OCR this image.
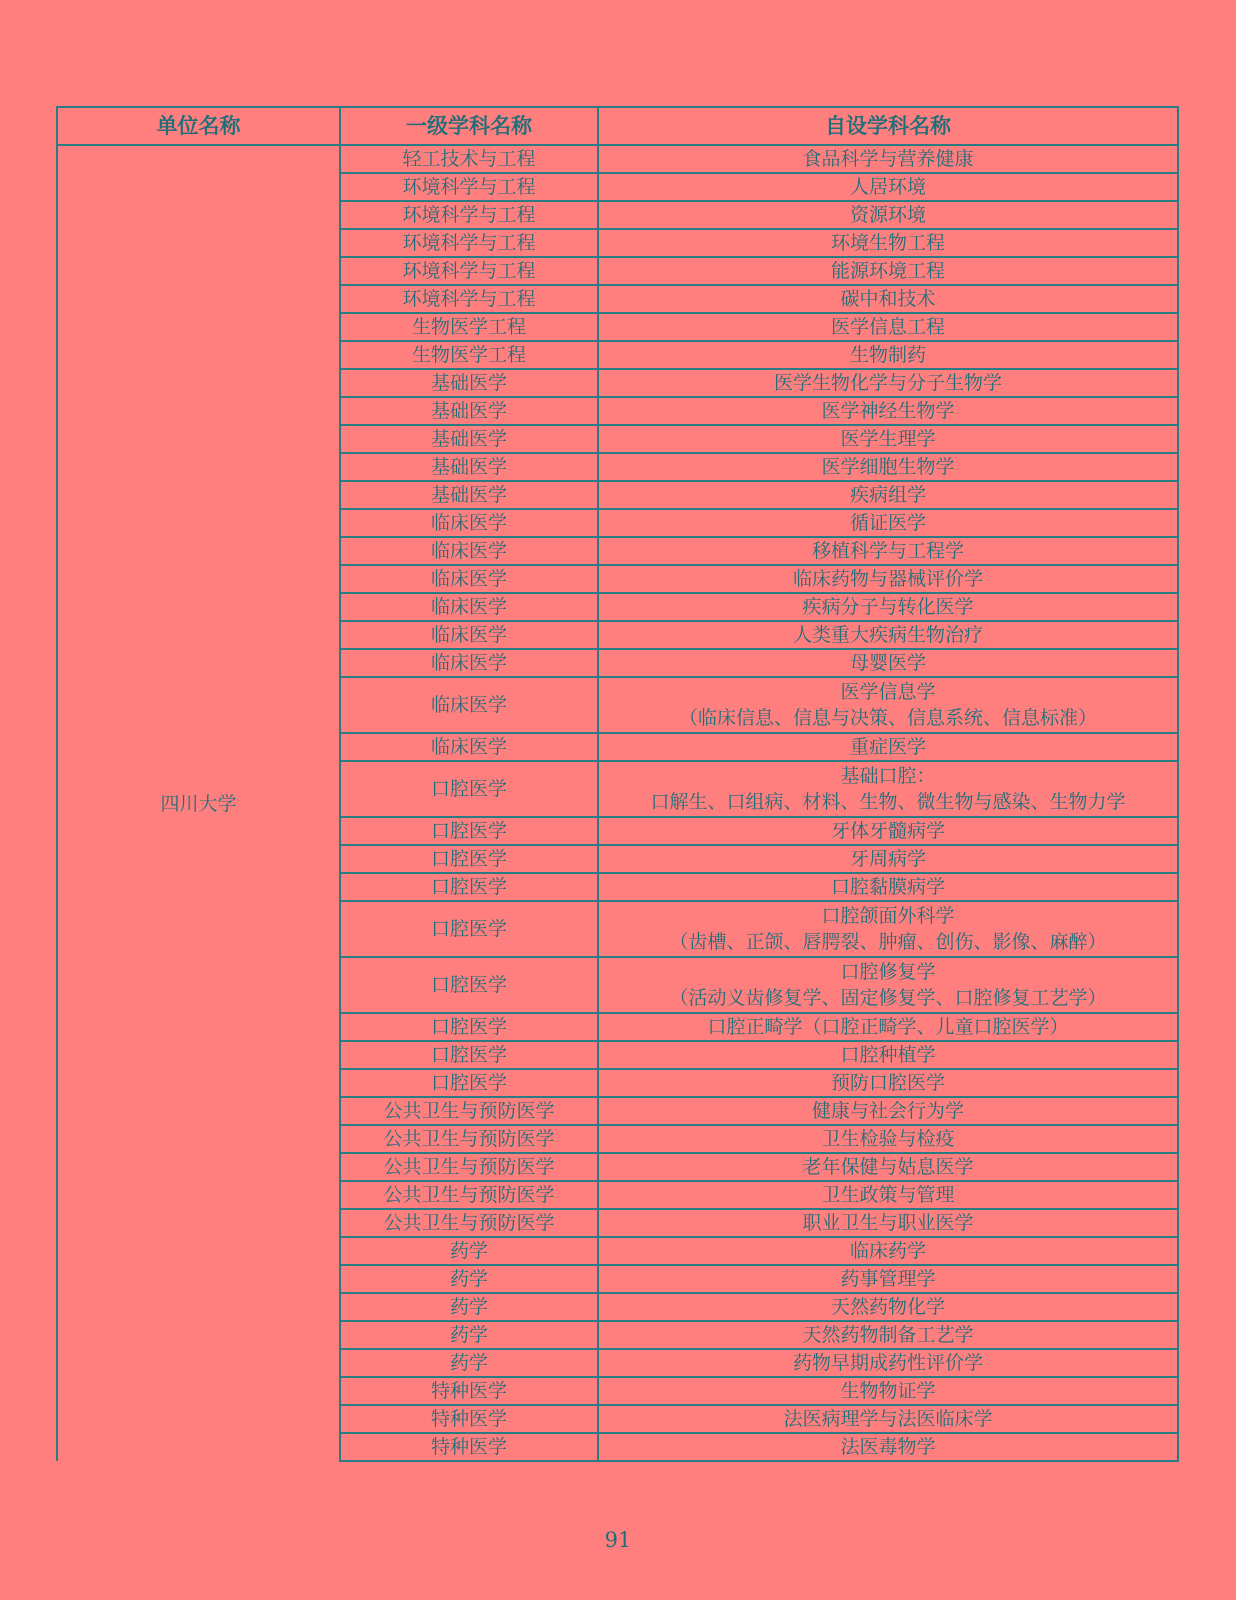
单位名称	一级学科名称	自设学科名称
四川大学	轻工技术与工程	食品科学与营养健康

	环境科学与工程	人居环境

	环境科学与工程	资源环境

	环境科学与工程	环境生物工程

	环境科学与工程	能源环境工程

	环境科学与工程	碳中和技术

	生物医学工程	医学信息工程

	生物医学工程	生物制药

	基础医学	医学生物化学与分子生物学

	基础医学	医学神经生物学

	基础医学	医学生理学

	基础医学	医学细胞生物学

	基础医学	疾病组学

	临床医学	循证医学

	临床医学	移植科学与工程学

	临床医学	临床药物与器械评价学

	临床医学	疾病分子与转化医学

	临床医学	人类重大疾病生物治疗

	临床医学	母婴医学

	临床医学	医学信息学
（临床信息、信息与决策、信息系统、信息标准）

	临床医学	重症医学

	口腔医学	基础口腔：
口解生、口组病、材料、生物、微生物与感染、生物力学

	口腔医学	牙体牙髓病学

	口腔医学	牙周病学

	口腔医学	口腔黏膜病学

	口腔医学	口腔颌面外科学
（齿槽、正颌、唇腭裂、肿瘤、创伤、影像、麻醉）

	口腔医学	口腔修复学
（活动义齿修复学、固定修复学、口腔修复工艺学）

	口腔医学	口腔正畸学（口腔正畸学、儿童口腔医学）

	口腔医学	口腔种植学

	口腔医学	预防口腔医学

	公共卫生与预防医学	健康与社会行为学

	公共卫生与预防医学	卫生检验与检疫

	公共卫生与预防医学	老年保健与姑息医学

	公共卫生与预防医学	卫生政策与管理

	公共卫生与预防医学	职业卫生与职业医学

	药学	临床药学

	药学	药事管理学

	药学	天然药物化学

	药学	天然药物制备工艺学

	药学	药物早期成药性评价学

	特种医学	生物物证学

	特种医学	法医病理学与法医临床学

	特种医学	法医毒物学
91
